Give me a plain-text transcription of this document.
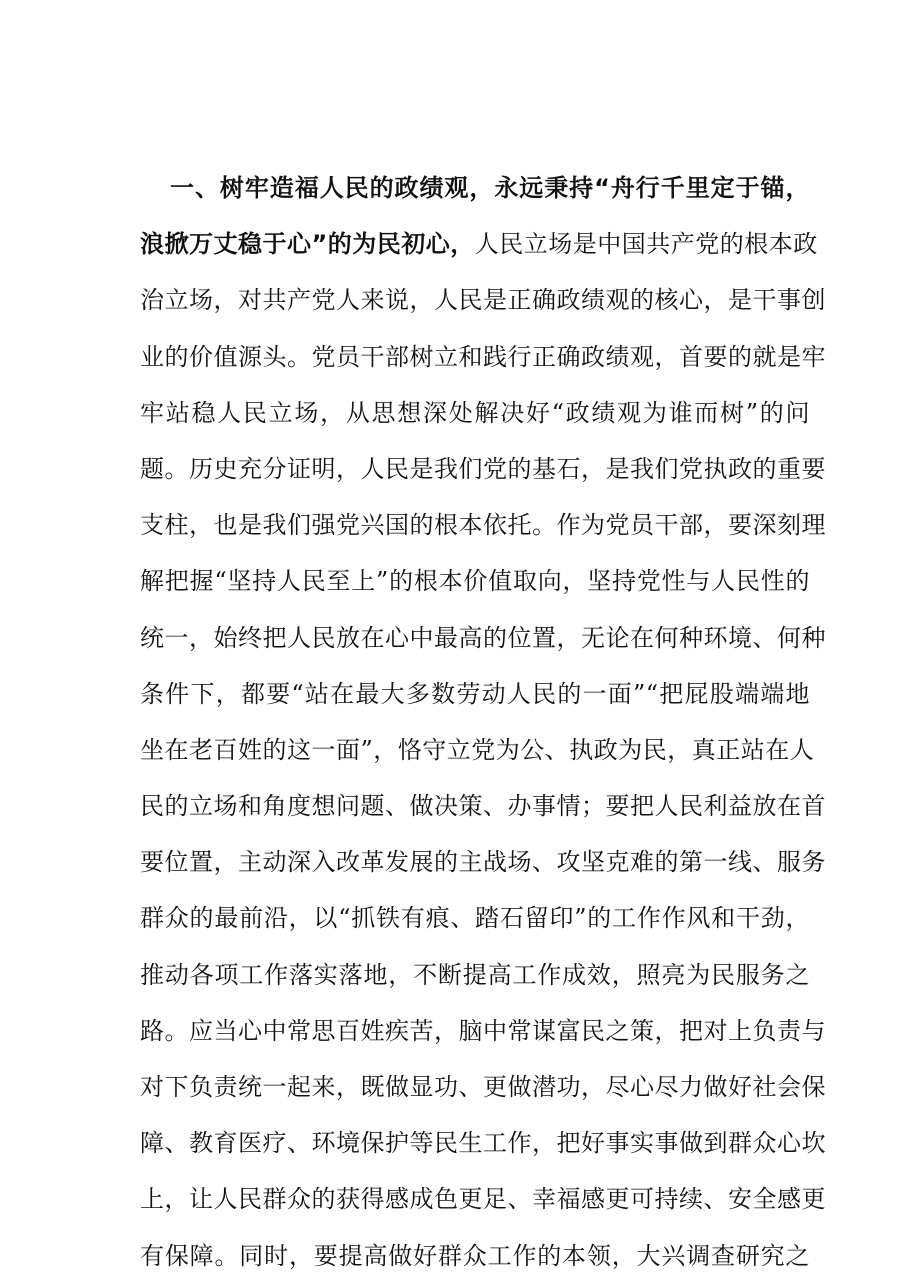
一、树牢造福人民的政绩观，永远秉持“舟行千里定于锚，
浪掀万丈稳于心”的为民初心，人民立场是中国共产党的根本政
治立场，对共产党人来说，人民是正确政绩观的核心，是干事创
业的价值源头。党员干部树立和践行正确政绩观，首要的就是牢
牢站稳人民立场，从思想深处解决好“政绩观为谁而树”的问
题。历史充分证明，人民是我们党的基石，是我们党执政的重要
支柱，也是我们强党兴国的根本依托。作为党员干部，要深刻理
解把握“坚持人民至上”的根本价值取向，坚持党性与人民性的
统一，始终把人民放在心中最高的位置，无论在何种环境、何种
条件下，都要“站在最大多数劳动人民的一面”“把屁股端端地
坐在老百姓的这一面”，恪守立党为公、执政为民，真正站在人
民的立场和角度想问题、做决策、办事情；要把人民利益放在首
要位置，主动深入改革发展的主战场、攻坚克难的第一线、服务
群众的最前沿，以“抓铁有痕、踏石留印”的工作作风和干劲，
推动各项工作落实落地，不断提高工作成效，照亮为民服务之
路。应当心中常思百姓疾苦，脑中常谋富民之策，把对上负责与
对下负责统一起来，既做显功、更做潜功，尽心尽力做好社会保
障、教育医疗、环境保护等民生工作，把好事实事做到群众心坎
上，让人民群众的获得感成色更足、幸福感更可持续、安全感更
有保障。同时，要提高做好群众工作的本领，大兴调查研究之
